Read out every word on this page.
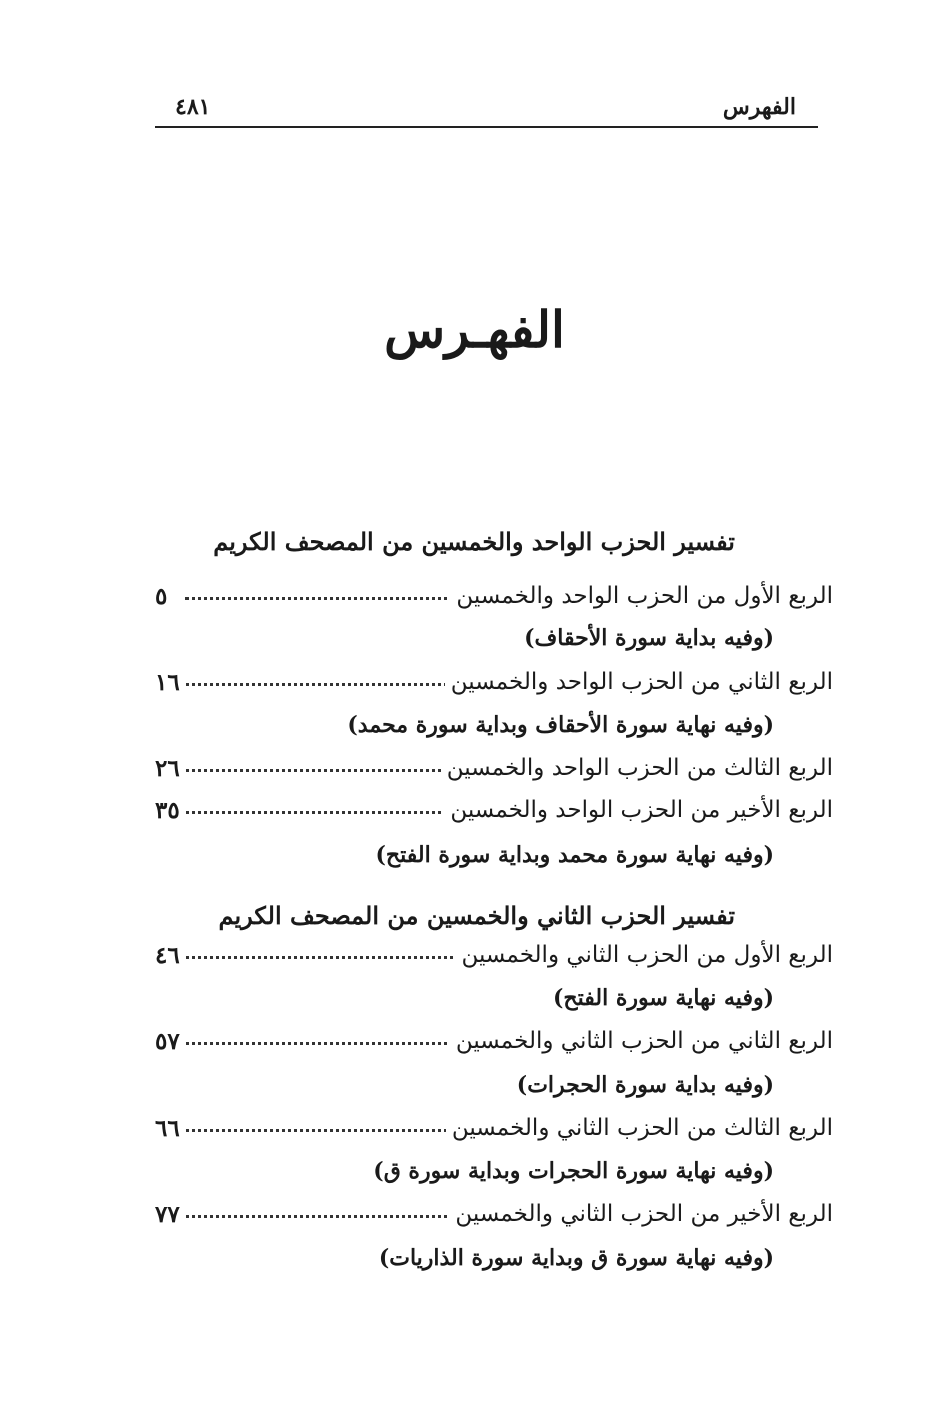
الفهرس
٤٨١
الفهـرس
تفسير الحزب الواحد والخمسين من المصحف الكريم
الربع الأول من الحزب الواحد والخمسين
٥
(وفيه بداية سورة الأحقاف)
الربع الثاني من الحزب الواحد والخمسين
١٦
(وفيه نهاية سورة الأحقاف وبداية سورة محمد)
الربع الثالث من الحزب الواحد والخمسين
٢٦
الربع الأخير من الحزب الواحد والخمسين
٣٥
(وفيه نهاية سورة محمد وبداية سورة الفتح)
تفسير الحزب الثاني والخمسين من المصحف الكريم
الربع الأول من الحزب الثاني والخمسين
٤٦
(وفيه نهاية سورة الفتح)
الربع الثاني من الحزب الثاني والخمسين
٥٧
(وفيه بداية سورة الحجرات)
الربع الثالث من الحزب الثاني والخمسين
٦٦
(وفيه نهاية سورة الحجرات وبداية سورة ق)
الربع الأخير من الحزب الثاني والخمسين
٧٧
(وفيه نهاية سورة ق وبداية سورة الذاريات)
